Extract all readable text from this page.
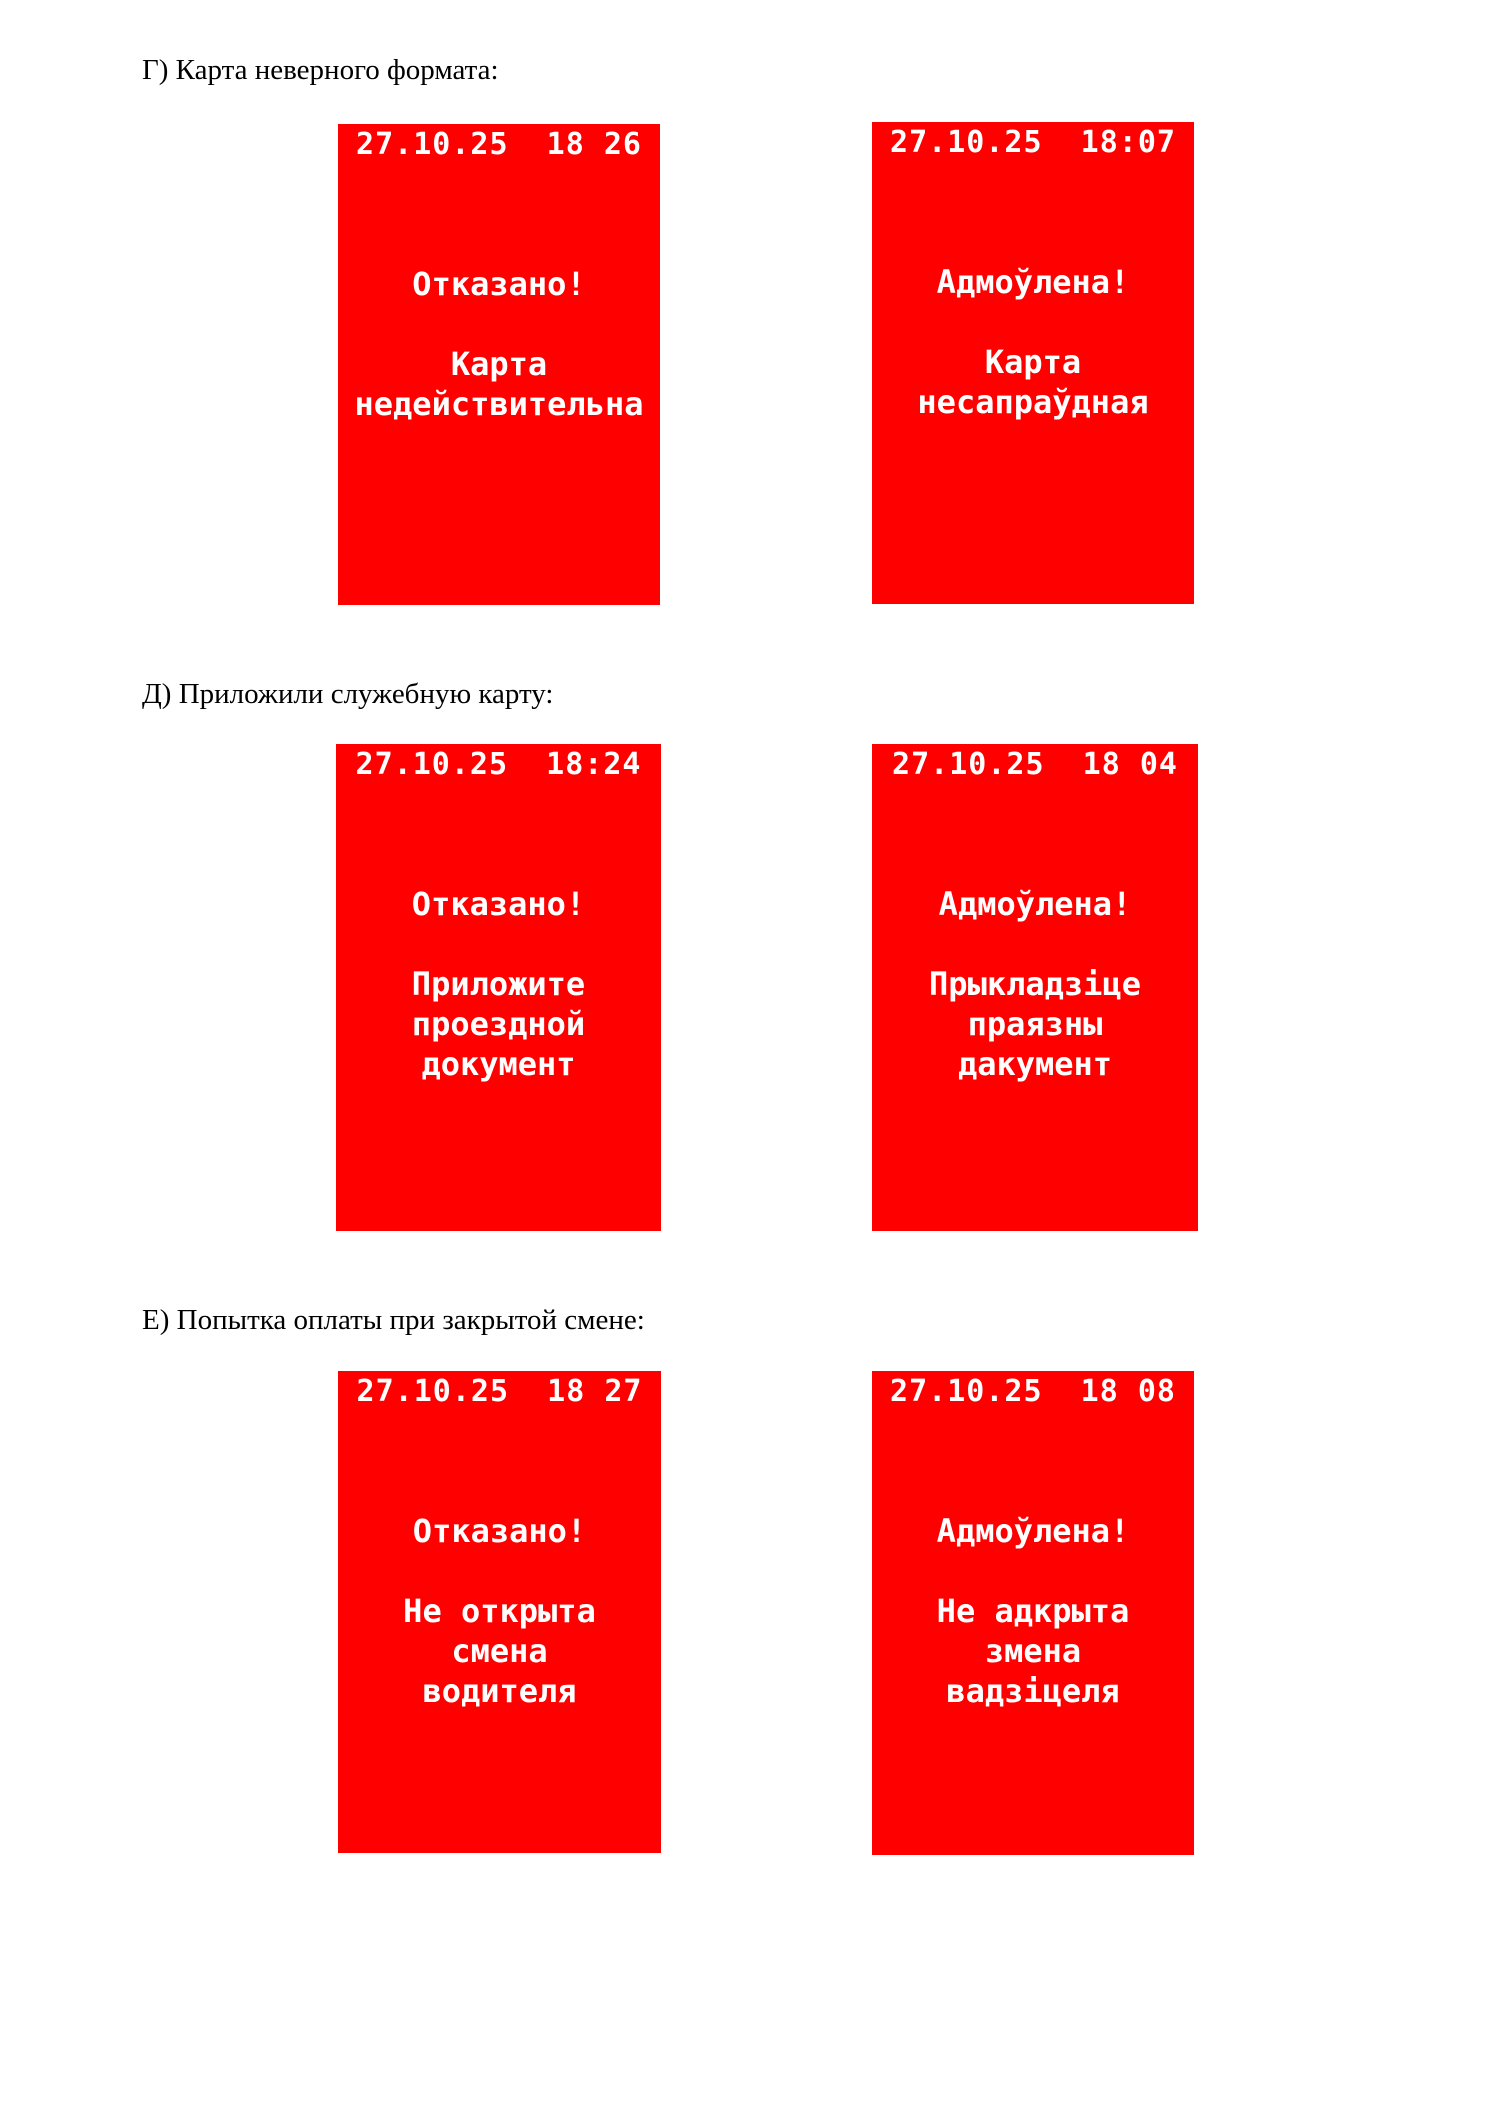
Г) Карта неверного формата:
27.10.25  18 26
Отказано!
Карта
недействительна
27.10.25  18:07
Адмоўлена!
Карта
несапраўдная
Д) Приложили служебную карту:
27.10.25  18:24
Отказано!
Приложите
проездной
документ
27.10.25  18 04
Адмоўлена!
Прыкладзіце
праязны
дакумент
Е) Попытка оплаты при закрытой смене:
27.10.25  18 27
Отказано!
Не открыта
смена
водителя
27.10.25  18 08
Адмоўлена!
Не адкрыта
змена
вадзіцеля
